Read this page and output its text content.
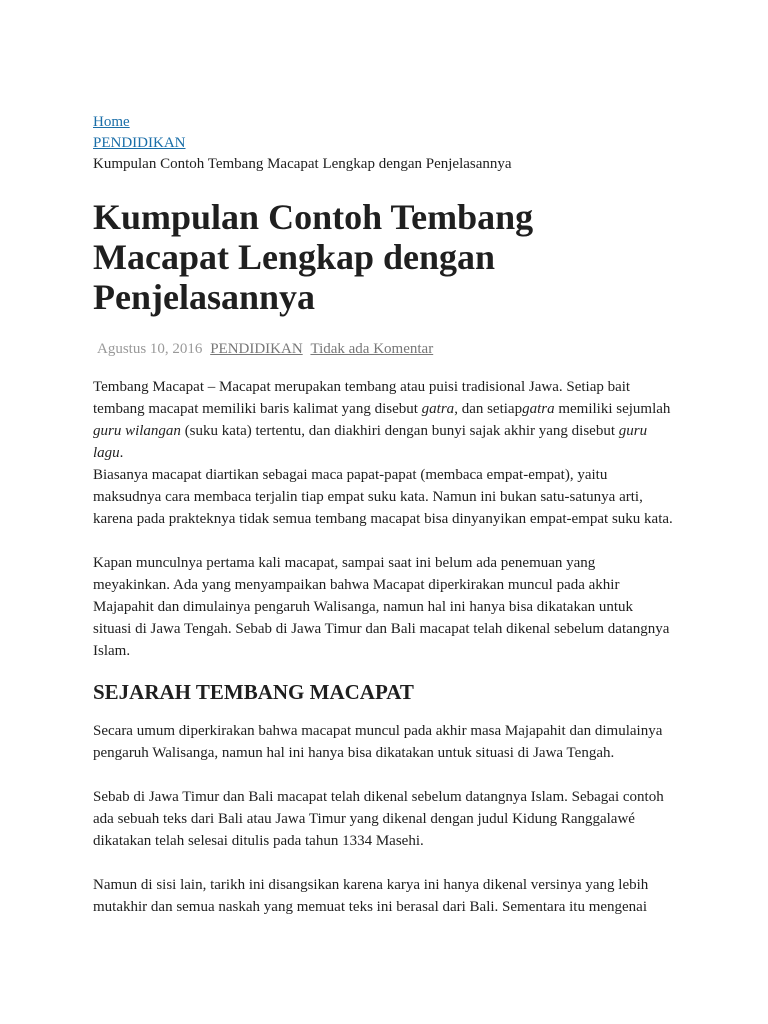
Home

PENDIDIKAN

Kumpulan Contoh Tembang Macapat Lengkap dengan Penjelasannya

Kumpulan Contoh Tembang Macapat Lengkap dengan Penjelasannya
Agustus 10, 2016 PENDIDIKAN Tidak ada Komentar

Tembang Macapat – Macapat merupakan tembang atau puisi tradisional Jawa. Setiap bait tembang macapat memiliki baris kalimat yang disebut gatra, dan setiapgatra memiliki sejumlah guru wilangan (suku kata) tertentu, dan diakhiri dengan bunyi sajak akhir yang disebut guru lagu.

Biasanya macapat diartikan sebagai maca papat-papat (membaca empat-empat), yaitu maksudnya cara membaca terjalin tiap empat suku kata. Namun ini bukan satu-satunya arti, karena pada prakteknya tidak semua tembang macapat bisa dinyanyikan empat-empat suku kata.

Kapan munculnya pertama kali macapat, sampai saat ini belum ada penemuan yang meyakinkan. Ada yang menyampaikan bahwa Macapat diperkirakan muncul pada akhir Majapahit dan dimulainya pengaruh Walisanga, namun hal ini hanya bisa dikatakan untuk situasi di Jawa Tengah. Sebab di Jawa Timur dan Bali macapat telah dikenal sebelum datangnya Islam.

SEJARAH TEMBANG MACAPAT

Secara umum diperkirakan bahwa macapat muncul pada akhir masa Majapahit dan dimulainya pengaruh Walisanga, namun hal ini hanya bisa dikatakan untuk situasi di Jawa Tengah.

Sebab di Jawa Timur dan Bali macapat telah dikenal sebelum datangnya Islam. Sebagai contoh ada sebuah teks dari Bali atau Jawa Timur yang dikenal dengan judul Kidung Ranggalawé dikatakan telah selesai ditulis pada tahun 1334 Masehi.

Namun di sisi lain, tarikh ini disangsikan karena karya ini hanya dikenal versinya yang lebih mutakhir dan semua naskah yang memuat teks ini berasal dari Bali. Sementara itu mengenai
